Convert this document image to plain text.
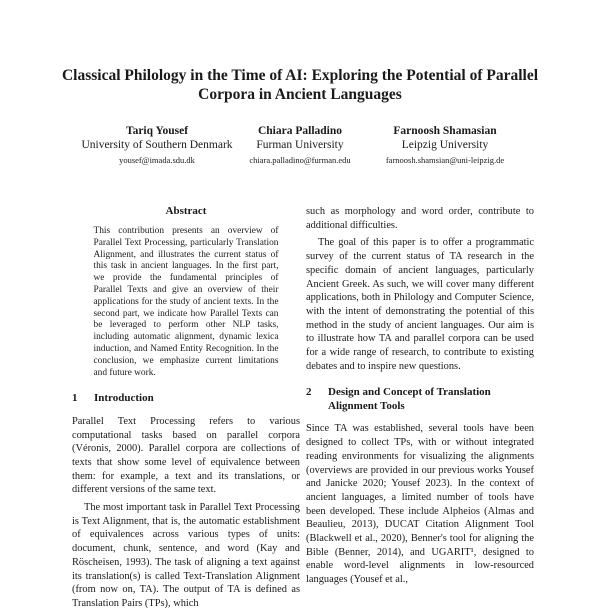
Classical Philology in the Time of AI: Exploring the Potential of Parallel Corpora in Ancient Languages
Tariq Yousef
University of Southern Denmark
yousef@imada.sdu.dk
Chiara Palladino
Furman University
chiara.palladino@furman.edu
Farnoosh Shamasian
Leipzig University
farnoosh.shamsian@uni-leipzig.de
Abstract
This contribution presents an overview of Parallel Text Processing, particularly Translation Alignment, and illustrates the current status of this task in ancient languages. In the first part, we provide the fundamental principles of Parallel Texts and give an overview of their applications for the study of ancient texts. In the second part, we indicate how Parallel Texts can be leveraged to perform other NLP tasks, including automatic alignment, dynamic lexica induction, and Named Entity Recognition. In the conclusion, we emphasize current limitations and future work.
1	Introduction

Parallel Text Processing refers to various computational tasks based on parallel corpora (Véronis, 2000). Parallel corpora are collections of texts that show some level of equivalence between them: for example, a text and its translations, or different versions of the same text.

The most important task in Parallel Text Processing is Text Alignment, that is, the automatic establishment of equivalences across various types of units: document, chunk, sentence, and word (Kay and Röscheisen, 1993). The task of aligning a text against its translation(s) is called Text-Translation Alignment (from now on, TA). The output of TA is defined as Translation Pairs (TPs), which

such as morphology and word order, contribute to additional difficulties.

The goal of this paper is to offer a programmatic survey of the current status of TA research in the specific domain of ancient languages, particularly Ancient Greek. As such, we will cover many different applications, both in Philology and Computer Science, with the intent of demonstrating the potential of this method in the study of ancient languages. Our aim is to illustrate how TA and parallel corpora can be used for a wide range of research, to contribute to existing debates and to inspire new questions.

2	Design and Concept of Translation Alignment Tools

Since TA was established, several tools have been designed to collect TPs, with or without integrated reading environments for visualizing the alignments (overviews are provided in our previous works Yousef and Janicke 2020; Yousef 2023). In the context of ancient languages, a limited number of tools have been developed. These include Alpheios (Almas and Beaulieu, 2013), DUCAT Citation Alignment Tool (Blackwell et al., 2020), Benner's tool for aligning the Bible (Benner, 2014), and UGARIT¹, designed to enable word-level alignments in low-resourced languages (Yousef et al.,
